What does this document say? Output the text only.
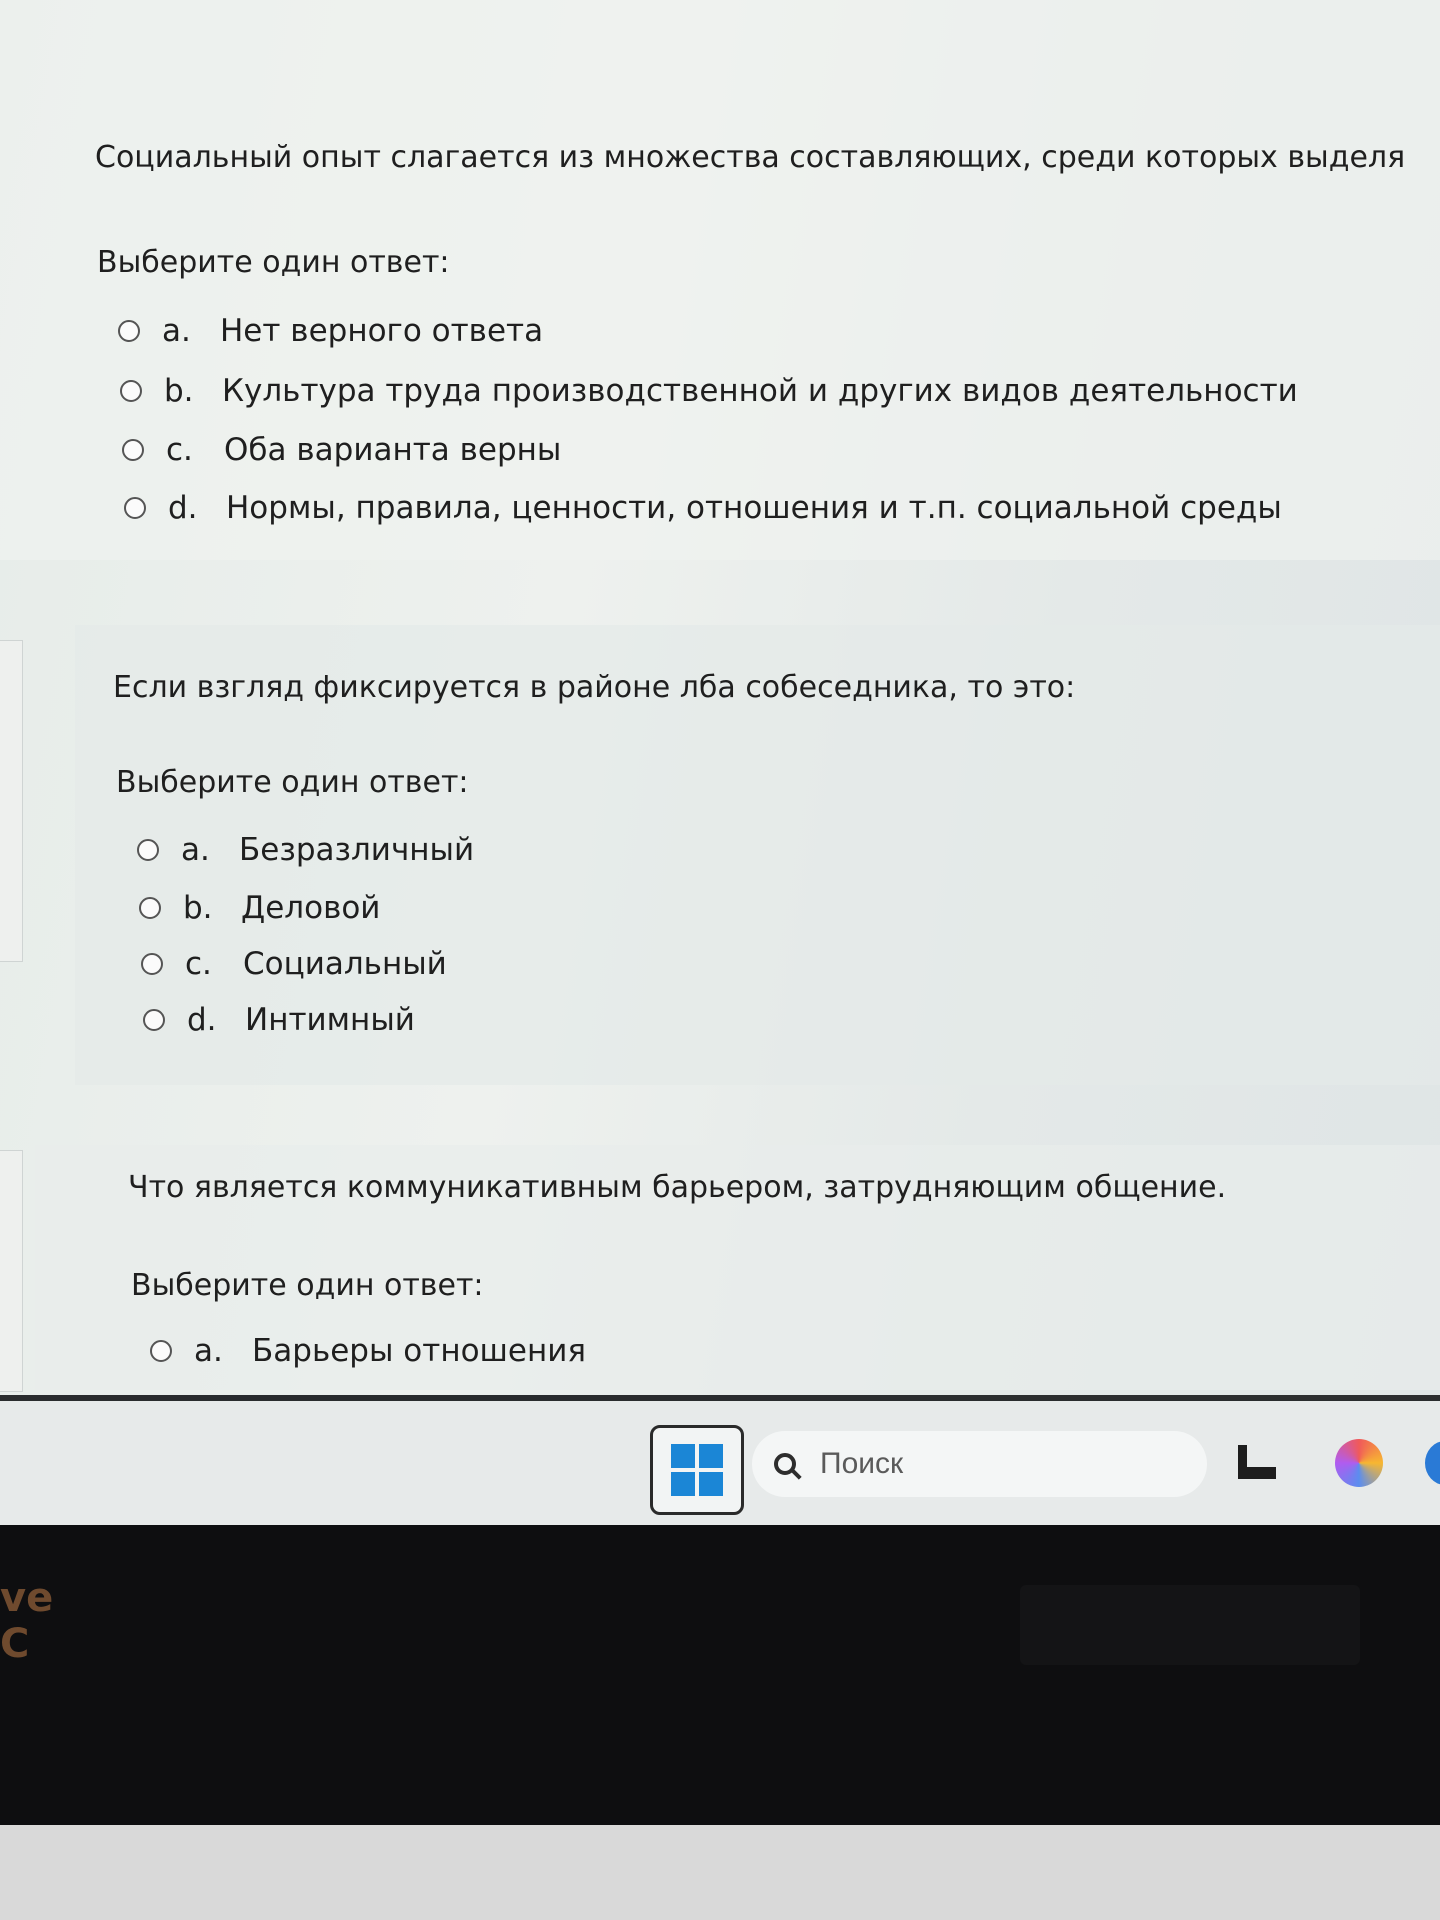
Социальный опыт слагается из множества составляющих, среди которых выделя
Выберите один ответ:
a. Нет верного ответа
b. Культура труда производственной и других видов деятельности
c.	Оба варианта верны
d. Нормы, правила, ценности, отношения и т.п. социальной среды
Если взгляд фиксируется в районе лба собеседника, то это:
Выберите один ответ:
a. Безразличный
b. Деловой
c.	Социальный
d. Интимный
Что является коммуникативным барьером, затрудняющим общение.
Выберите один ответ:
a. Барьеры отношения
Поиск
ve
C
